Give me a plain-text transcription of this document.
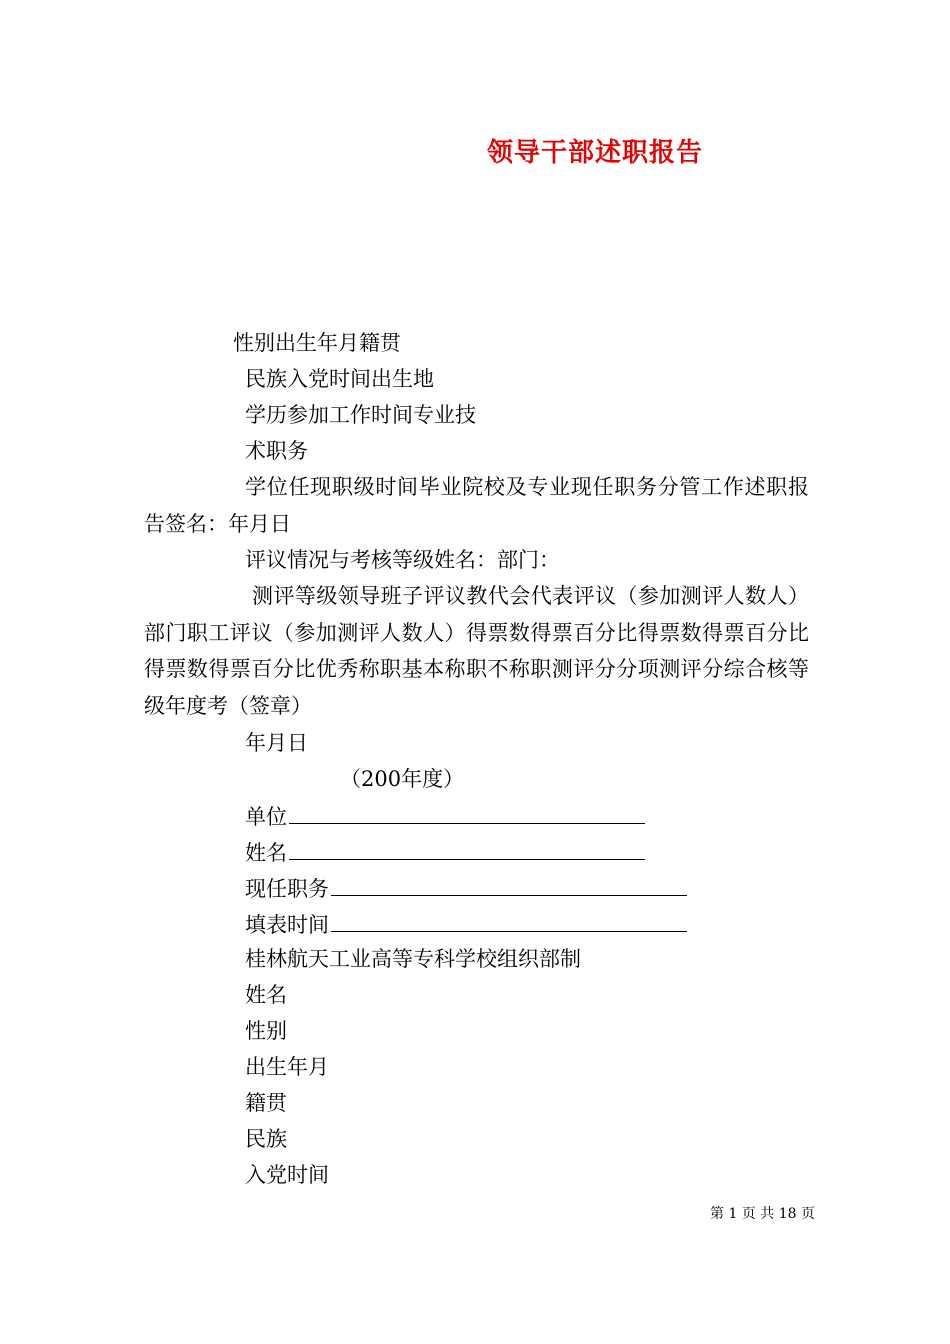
领导干部述职报告
性别出生年月籍贯
民族入党时间出生地
学历参加工作时间专业技
术职务
学位任现职级时间毕业院校及专业现任职务分管工作述职报告签名：年月日
评议情况与考核等级姓名：部门：
测评等级领导班子评议教代会代表评议（参加测评人数人）部门职工评议（参加测评人数人）得票数得票百分比得票数得票百分比得票数得票百分比优秀称职基本称职不称职测评分分项测评分综合核等级年度考（签章）
年月日
（200年度）
单位
姓名
现任职务
填表时间
桂林航天工业高等专科学校组织部制
姓名
性别
出生年月
籍贯
民族
入党时间
第 1 页 共 18 页
